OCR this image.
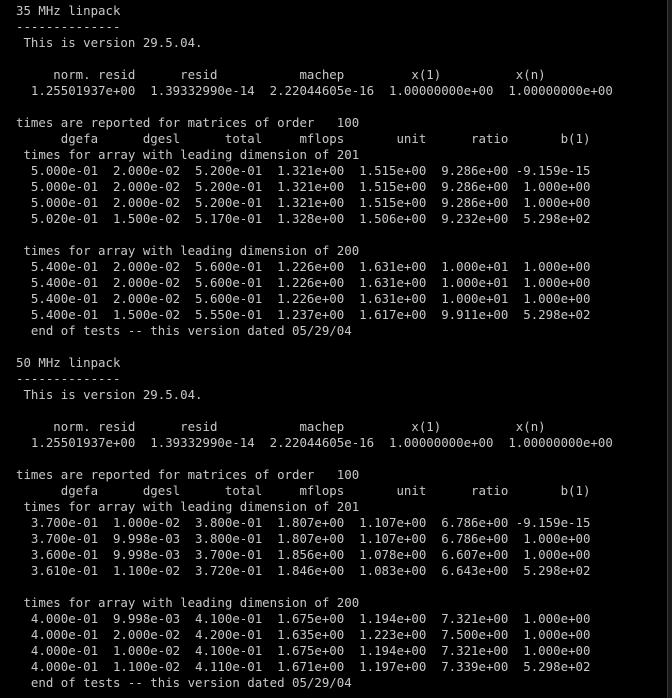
35 MHz linpack
--------------
This is version 29.5.04.
norm. resid      resid           machep         x(1)          x(n)
1.25501937e+00  1.39332990e-14  2.22044605e-16  1.00000000e+00  1.00000000e+00
times are reported for matrices of order   100
dgefa      dgesl      total     mflops       unit      ratio       b(1)
times for array with leading dimension of 201
5.000e-01  2.000e-02  5.200e-01  1.321e+00  1.515e+00  9.286e+00 -9.159e-15
5.000e-01  2.000e-02  5.200e-01  1.321e+00  1.515e+00  9.286e+00  1.000e+00
5.000e-01  2.000e-02  5.200e-01  1.321e+00  1.515e+00  9.286e+00  1.000e+00
5.020e-01  1.500e-02  5.170e-01  1.328e+00  1.506e+00  9.232e+00  5.298e+02
times for array with leading dimension of 200
5.400e-01  2.000e-02  5.600e-01  1.226e+00  1.631e+00  1.000e+01  1.000e+00
5.400e-01  2.000e-02  5.600e-01  1.226e+00  1.631e+00  1.000e+01  1.000e+00
5.400e-01  2.000e-02  5.600e-01  1.226e+00  1.631e+00  1.000e+01  1.000e+00
5.400e-01  1.500e-02  5.550e-01  1.237e+00  1.617e+00  9.911e+00  5.298e+02
end of tests -- this version dated 05/29/04
50 MHz linpack
--------------
This is version 29.5.04.
norm. resid      resid           machep         x(1)          x(n)
1.25501937e+00  1.39332990e-14  2.22044605e-16  1.00000000e+00  1.00000000e+00
times are reported for matrices of order   100
dgefa      dgesl      total     mflops       unit      ratio       b(1)
times for array with leading dimension of 201
3.700e-01  1.000e-02  3.800e-01  1.807e+00  1.107e+00  6.786e+00 -9.159e-15
3.700e-01  9.998e-03  3.800e-01  1.807e+00  1.107e+00  6.786e+00  1.000e+00
3.600e-01  9.998e-03  3.700e-01  1.856e+00  1.078e+00  6.607e+00  1.000e+00
3.610e-01  1.100e-02  3.720e-01  1.846e+00  1.083e+00  6.643e+00  5.298e+02
times for array with leading dimension of 200
4.000e-01  9.998e-03  4.100e-01  1.675e+00  1.194e+00  7.321e+00  1.000e+00
4.000e-01  2.000e-02  4.200e-01  1.635e+00  1.223e+00  7.500e+00  1.000e+00
4.000e-01  1.000e-02  4.100e-01  1.675e+00  1.194e+00  7.321e+00  1.000e+00
4.000e-01  1.100e-02  4.110e-01  1.671e+00  1.197e+00  7.339e+00  5.298e+02
end of tests -- this version dated 05/29/04
